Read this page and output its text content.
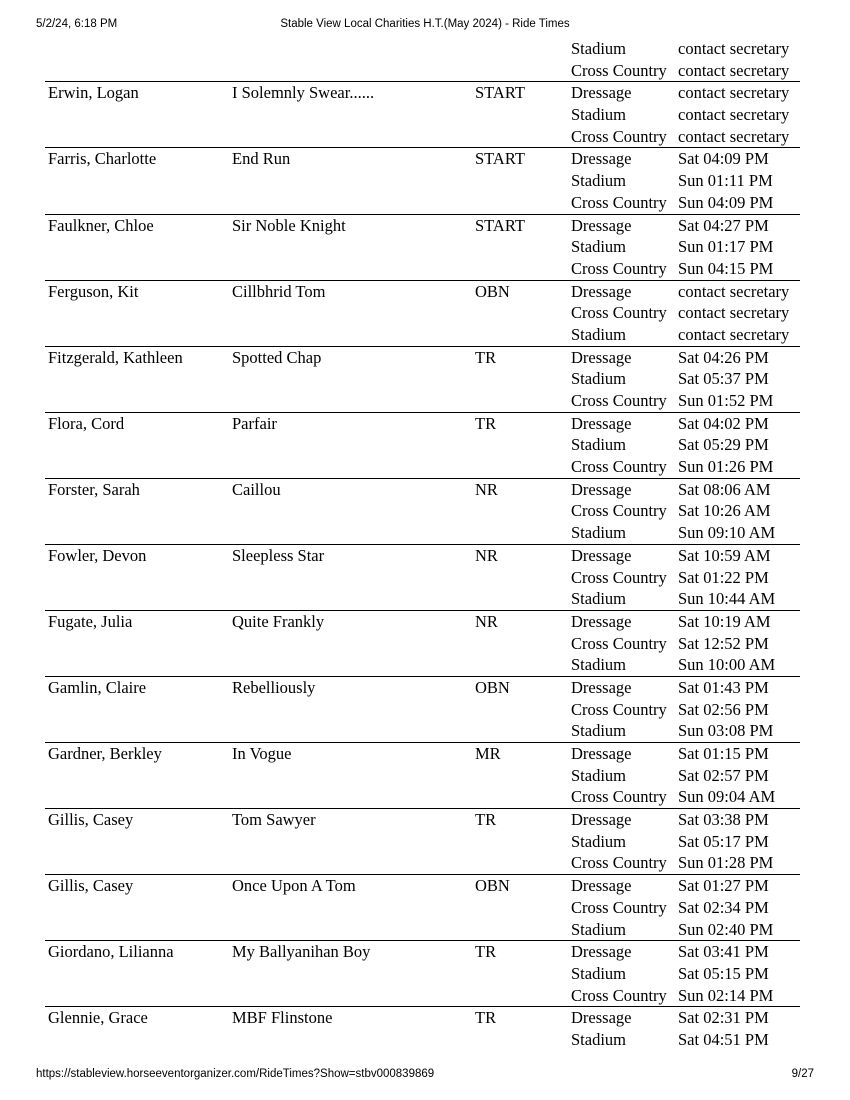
5/2/24, 6:18 PM	Stable View Local Charities H.T.(May 2024) - Ride Times
Stadium	contact secretary
Cross Country contact secretary
Erwin, Logan	I Solemnly Swear......	START	Dressage	contact secretary
Stadium	contact secretary
Cross Country contact secretary
Farris, Charlotte	End Run	START	Dressage	Sat 04:09 PM
Stadium	Sun 01:11 PM
Cross Country Sun 04:09 PM
Faulkner, Chloe	Sir Noble Knight	START	Dressage	Sat 04:27 PM
Stadium	Sun 01:17 PM
Cross Country Sun 04:15 PM
Ferguson, Kit	Cillbhrid Tom	OBN	Dressage	contact secretary
Cross Country contact secretary
Stadium	contact secretary
Fitzgerald, Kathleen	Spotted Chap	TR	Dressage	Sat 04:26 PM
Stadium	Sat 05:37 PM
Cross Country Sun 01:52 PM
Flora, Cord	Parfair	TR	Dressage	Sat 04:02 PM
Stadium	Sat 05:29 PM
Cross Country Sun 01:26 PM
Forster, Sarah	Caillou	NR	Dressage	Sat 08:06 AM
Cross Country Sat 10:26 AM
Stadium	Sun 09:10 AM
Fowler, Devon	Sleepless Star	NR	Dressage	Sat 10:59 AM
Cross Country Sat 01:22 PM
Stadium	Sun 10:44 AM
Fugate, Julia	Quite Frankly	NR	Dressage	Sat 10:19 AM
Cross Country Sat 12:52 PM
Stadium	Sun 10:00 AM
Gamlin, Claire	Rebelliously	OBN	Dressage	Sat 01:43 PM
Cross Country Sat 02:56 PM
Stadium	Sun 03:08 PM
Gardner, Berkley	In Vogue	MR	Dressage	Sat 01:15 PM
Stadium	Sat 02:57 PM
Cross Country Sun 09:04 AM
Gillis, Casey	Tom Sawyer	TR	Dressage	Sat 03:38 PM
Stadium	Sat 05:17 PM
Cross Country Sun 01:28 PM
Gillis, Casey	Once Upon A Tom	OBN	Dressage	Sat 01:27 PM
Cross Country Sat 02:34 PM
Stadium	Sun 02:40 PM
Giordano, Lilianna	My Ballyanihan Boy	TR	Dressage	Sat 03:41 PM
Stadium	Sat 05:15 PM
Cross Country Sun 02:14 PM
Glennie, Grace	MBF Flinstone	TR	Dressage	Sat 02:31 PM
Stadium	Sat 04:51 PM
https://stableview.horseeventorganizer.com/RideTimes?Show=stbv000839869	9/27
